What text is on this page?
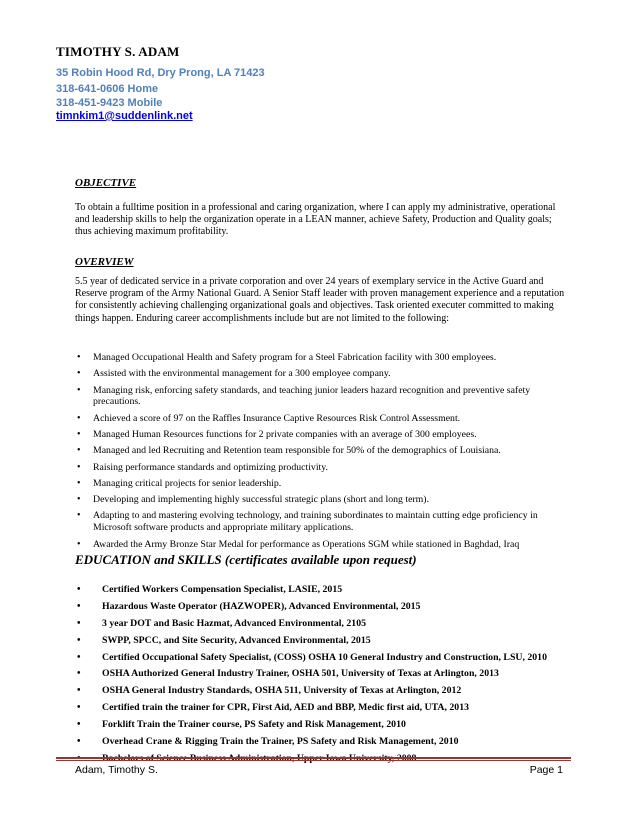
TIMOTHY S. ADAM
35 Robin Hood Rd, Dry Prong, LA 71423
318-641-0606 Home
318-451-9423 Mobile
timnkim1@suddenlink.net
OBJECTIVE
To obtain a fulltime position in a professional and caring organization, where I can apply my administrative, operational and leadership skills to help the organization operate in a LEAN manner, achieve Safety, Production and Quality goals; thus achieving maximum profitability.
OVERVIEW
5.5 year of dedicated service in a private corporation and over 24 years of exemplary service in the Active Guard and Reserve program of the Army National Guard. A Senior Staff leader with proven management experience and a reputation for consistently achieving challenging organizational goals and objectives. Task oriented executer committed to making things happen. Enduring career accomplishments include but are not limited to the following:
• Managed Occupational Health and Safety program for a Steel Fabrication facility with 300 employees.
• Assisted with the environmental management for a 300 employee company.
• Managing risk, enforcing safety standards, and teaching junior leaders hazard recognition and preventive safety precautions.
• Achieved a score of 97 on the Raffles Insurance Captive Resources Risk Control Assessment.
• Managed Human Resources functions for 2 private companies with an average of 300 employees.
• Managed and led Recruiting and Retention team responsible for 50% of the demographics of Louisiana.
• Raising performance standards and optimizing productivity.
• Managing critical projects for senior leadership.
• Developing and implementing highly successful strategic plans (short and long term).
• Adapting to and mastering evolving technology, and training subordinates to maintain cutting edge proficiency in Microsoft software products and appropriate military applications.
• Awarded the Army Bronze Star Medal for performance as Operations SGM while stationed in Baghdad, Iraq
EDUCATION and SKILLS (certificates available upon request)
• Certified Workers Compensation Specialist, LASIE, 2015
• Hazardous Waste Operator (HAZWOPER), Advanced Environmental, 2015
• 3 year DOT and Basic Hazmat, Advanced Environmental, 2105
• SWPP, SPCC, and Site Security, Advanced Environmental, 2015
• Certified Occupational Safety Specialist, (COSS) OSHA 10 General Industry and Construction, LSU, 2010
• OSHA Authorized General Industry Trainer, OSHA 501, University of Texas at Arlington, 2013
• OSHA General Industry Standards, OSHA 511, University of Texas at Arlington, 2012
• Certified train the trainer for CPR, First Aid, AED and BBP, Medic first aid, UTA, 2013
• Forklift Train the Trainer course, PS Safety and Risk Management, 2010
• Overhead Crane & Rigging Train the Trainer, PS Safety and Risk Management, 2010
Adam, Timothy S.	Page 1
